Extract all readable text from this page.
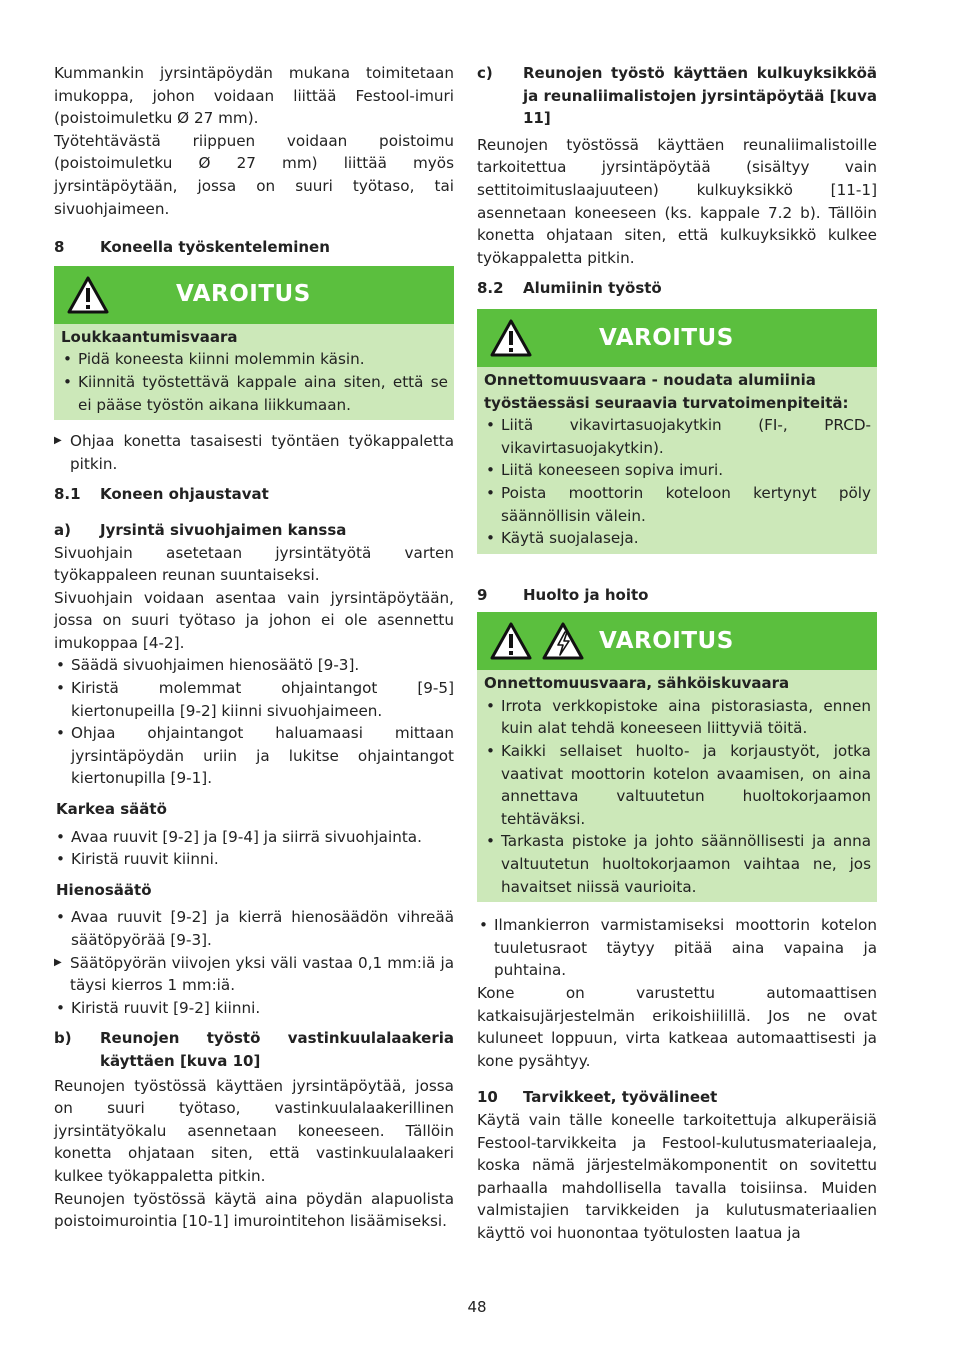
Kummankin jyrsintäpöydän mukana toimitetaan imukoppa, johon voidaan liittää Festool-imuri (poistoimuletku Ø 27 mm).

Työtehtävästä riippuen voidaan poistoimu (poistoimuletku Ø 27 mm) liittää myös jyrsintäpöytään, jossa on suuri työtaso, tai sivuohjaimeen.

8	Koneella työskenteleminen
VAROITUS
Loukkaantumisvaara
• Pidä koneesta kiinni molemmin käsin.
• Kiinnitä työstettävä kappale aina siten, että se ei pääse työstön aikana liikkumaan.
▶ Ohjaa konetta tasaisesti työntäen työkappaletta pitkin.
8.1	Koneen ohjaustavat
a)	Jyrsintä sivuohjaimen kanssa

Sivuohjain asetetaan jyrsintätyötä varten työkappaleen reunan suuntaiseksi.

Sivuohjain voidaan asentaa vain jyrsintäpöytään, jossa on suuri työtaso ja johon ei ole asennettu imukoppaa [4-2].

• Säädä sivuohjaimen hienosäätö [9-3].
• Kiristä molemmat ohjaintangot [9-5] kiertonupeilla [9-2] kiinni sivuohjaimeen.
• Ohjaa ohjaintangot haluamaasi mittaan jyrsintäpöydän uriin ja lukitse ohjaintangot kiertonupilla [9-1].
Karkea säätö
• Avaa ruuvit [9-2] ja [9-4] ja siirrä sivuohjainta.
• Kiristä ruuvit kiinni.
Hienosäätö
• Avaa ruuvit [9-2] ja kierrä hienosäädön vihreää säätöpyörää [9-3].
▶ Säätöpyörän viivojen yksi väli vastaa 0,1 mm:iä ja täysi kierros 1 mm:iä.
• Kiristä ruuvit [9-2] kiinni.
b)	Reunojen työstö vastinkuulalaakeria käyttäen [kuva 10]

Reunojen työstössä käyttäen jyrsintäpöytää, jossa on suuri työtaso, vastinkuulalaakerillinen jyrsintätyökalu asennetaan koneeseen. Tällöin konetta ohjataan siten, että vastinkuulalaakeri kulkee työkappaletta pitkin.

Reunojen työstössä käytä aina pöydän alapuolista poistoimurointia [10-1] imurointitehon lisäämiseksi.

c)	Reunojen työstö käyttäen kulkuyksikköä ja reunaliimalistojen jyrsintäpöytää [kuva 11]

Reunojen työstössä käyttäen reunaliimalistoille tarkoitettua jyrsintäpöytää (sisältyy vain settitoimituslaajuuteen) kulkuyksikkö [11-1] asennetaan koneeseen (ks. kappale 7.2 b). Tällöin konetta ohjataan siten, että kulkuyksikkö kulkee työkappaletta pitkin.

8.2	Alumiinin työstö
VAROITUS
Onnettomuusvaara - noudata alumiinia työstäessäsi seuraavia turvatoimenpiteitä:
• Liitä vikavirtasuojakytkin (FI-, PRCD-vikavirtasuojakytkin).
• Liitä koneeseen sopiva imuri.
• Poista moottorin koteloon kertynyt pöly säännöllisin välein.
• Käytä suojalaseja.
9	Huolto ja hoito
VAROITUS
Onnettomuusvaara, sähköiskuvaara
• Irrota verkkopistoke aina pistorasiasta, ennen kuin alat tehdä koneeseen liittyviä töitä.
• Kaikki sellaiset huolto- ja korjaustyöt, jotka vaativat moottorin kotelon avaamisen, on aina annettava valtuutetun huoltokorjaamon tehtäväksi.
• Tarkasta pistoke ja johto säännöllisesti ja anna valtuutetun huoltokorjaamon vaihtaa ne, jos havaitset niissä vaurioita.
• Ilmankierron varmistamiseksi moottorin kotelon tuuletusraot täytyy pitää aina vapaina ja puhtaina.

Kone on varustettu automaattisen katkaisujärjestelmän erikoishiilillä. Jos ne ovat kuluneet loppuun, virta katkeaa automaattisesti ja kone pysähtyy.

10	Tarvikkeet, työvälineet

Käytä vain tälle koneelle tarkoitettuja alkuperäisiä Festool-tarvikkeita ja Festool-kulutusmateriaaleja, koska nämä järjestelmäkomponentit on sovitettu parhaalla mahdollisella tavalla toisiinsa. Muiden valmistajien tarvikkeiden ja kulutusmateriaalien käyttö voi huonontaa työtulosten laatua ja

48
